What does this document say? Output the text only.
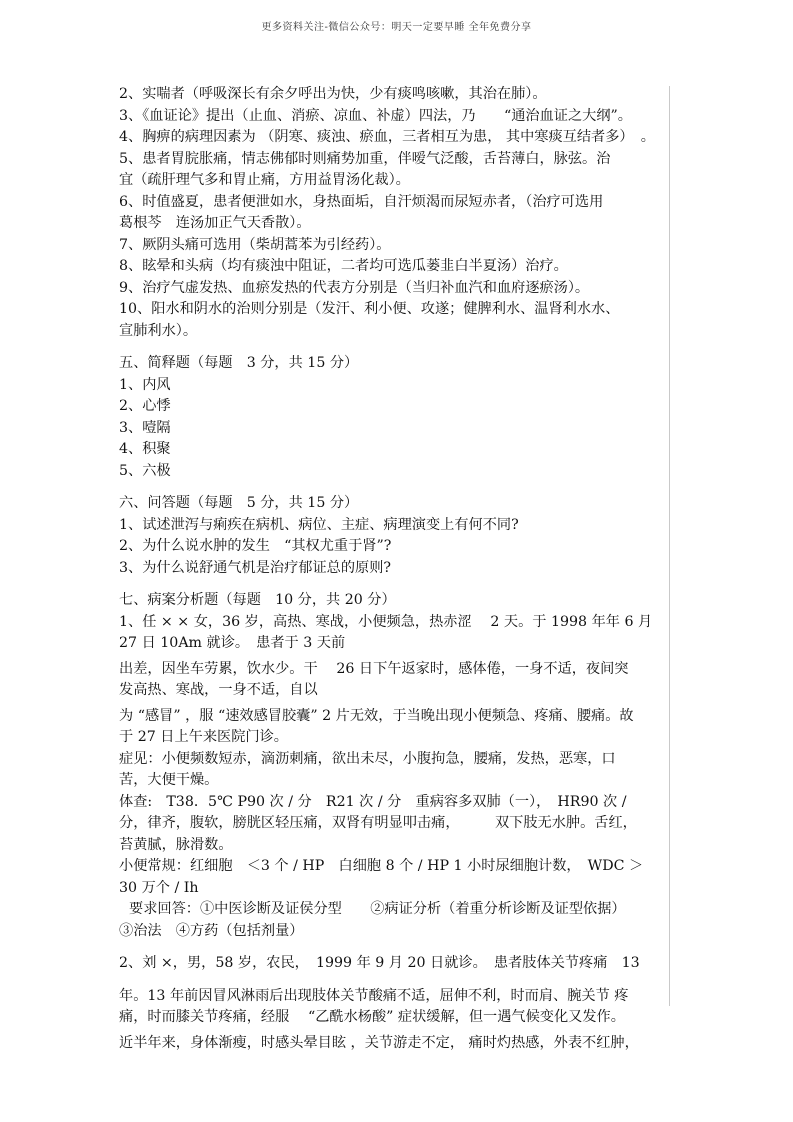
更多资料关注-微信公众号：明天一定要早睡 全年免费分享
2、实喘者（呼吸深长有余夕呼出为快，少有痰鸣咳嗽，其治在肺）。
3、《血证论》提出（止血、消瘀、凉血、补虚）四法，乃　　“通治血证之大纲”。
4、胸痹的病理因素为 （阴寒、痰浊、瘀血，三者相互为患， 其中寒痰互结者多）　。
5、患者胃脘胀痛，情志佛郁时则痛势加重，伴嗳气泛酸，舌苔薄白，脉弦。治
宜（疏肝理气多和胃止痛，方用益胃汤化裁）。
6、时值盛夏，患者便泄如水，身热面垢，自汗烦渴而尿短赤者，（治疗可选用
葛根芩　连汤加正气天香散）。
7、厥阴头痛可选用（柴胡蒿苯为引经药）。
8、眩晕和头病（均有痰浊中阻证，二者均可选瓜蒌韭白半夏汤）治疗。
9、治疗气虚发热、血瘀发热的代表方分别是（当归补血汽和血府逐瘀汤）。
10、阳水和阴水的治则分别是（发汗、利小便、攻遂；健脾利水、温肾利水水、
宣肺利水）。
五、简释题（每题　3 分，共 15 分）
1、内风
2、心悸
3、噎隔
4、积聚
5、六极
六、问答题（每题　5 分，共 15 分）
1、试述泄泻与痢疾在病机、病位、主症、病理演变上有何不同?
2、为什么说水肿的发生　“其权尤重于肾”?
3、为什么说舒通气机是治疗郁证总的原则?
七、病案分析题（每题　10 分，共 20 分）
1、任 × × 女，36 岁，高热、寒战，小便频急，热赤涩　 2 天。于 1998 年年 6 月
27 日 10Am 就诊。　患者于 3 天前
出差，因坐车劳累，饮水少。干　 26 日下午返家时，感体倦，一身不适，夜间突
发高热、寒战，一身不适，自以
为 “感冒” ，服 “速效感冒胶囊” 2 片无效，于当晚出现小便频急、疼痛、腰痛。故
于 27 日上午来医院门诊。
症见：小便频数短赤，滴沥刺痛，欲出未尽，小腹拘急，腰痛，发热，恶寒，口
苦，大便干燥。
体查:　T38．5℃ P90 次 / 分　R21 次 / 分　重病容多双肺（一），　HR90 次 /
分，律齐，腹软，膀胱区轻压痛，双肾有明显叩击痛，　　　双下肢无水肿。舌红，
苔黄腻，脉滑数。
小便常规：红细胞　＜3 个 / HP　白细胞 8 个 / HP 1 小时尿细胞计数，　WDC ＞
30 万个 / Ih
要求回答：①中医诊断及证侯分型　　②病证分析（着重分析诊断及证型依据）
③治法　④方药（包括剂量）
2、刘 ×，男，58 岁，农民，　1999 年 9 月 20 日就诊。　患者肢体关节疼痛　13
年。13 年前因冒风淋雨后出现肢体关节酸痛不适，屈伸不利，时而肩、腕关节 疼
痛，时而膝关节疼痛，经服　 “乙酰水杨酸” 症状缓解，但一遇气候变化又发作。
近半年来，身体渐瘦，时感头晕目眩 ，关节游走不定， 痛时灼热感，外表不红肿，
